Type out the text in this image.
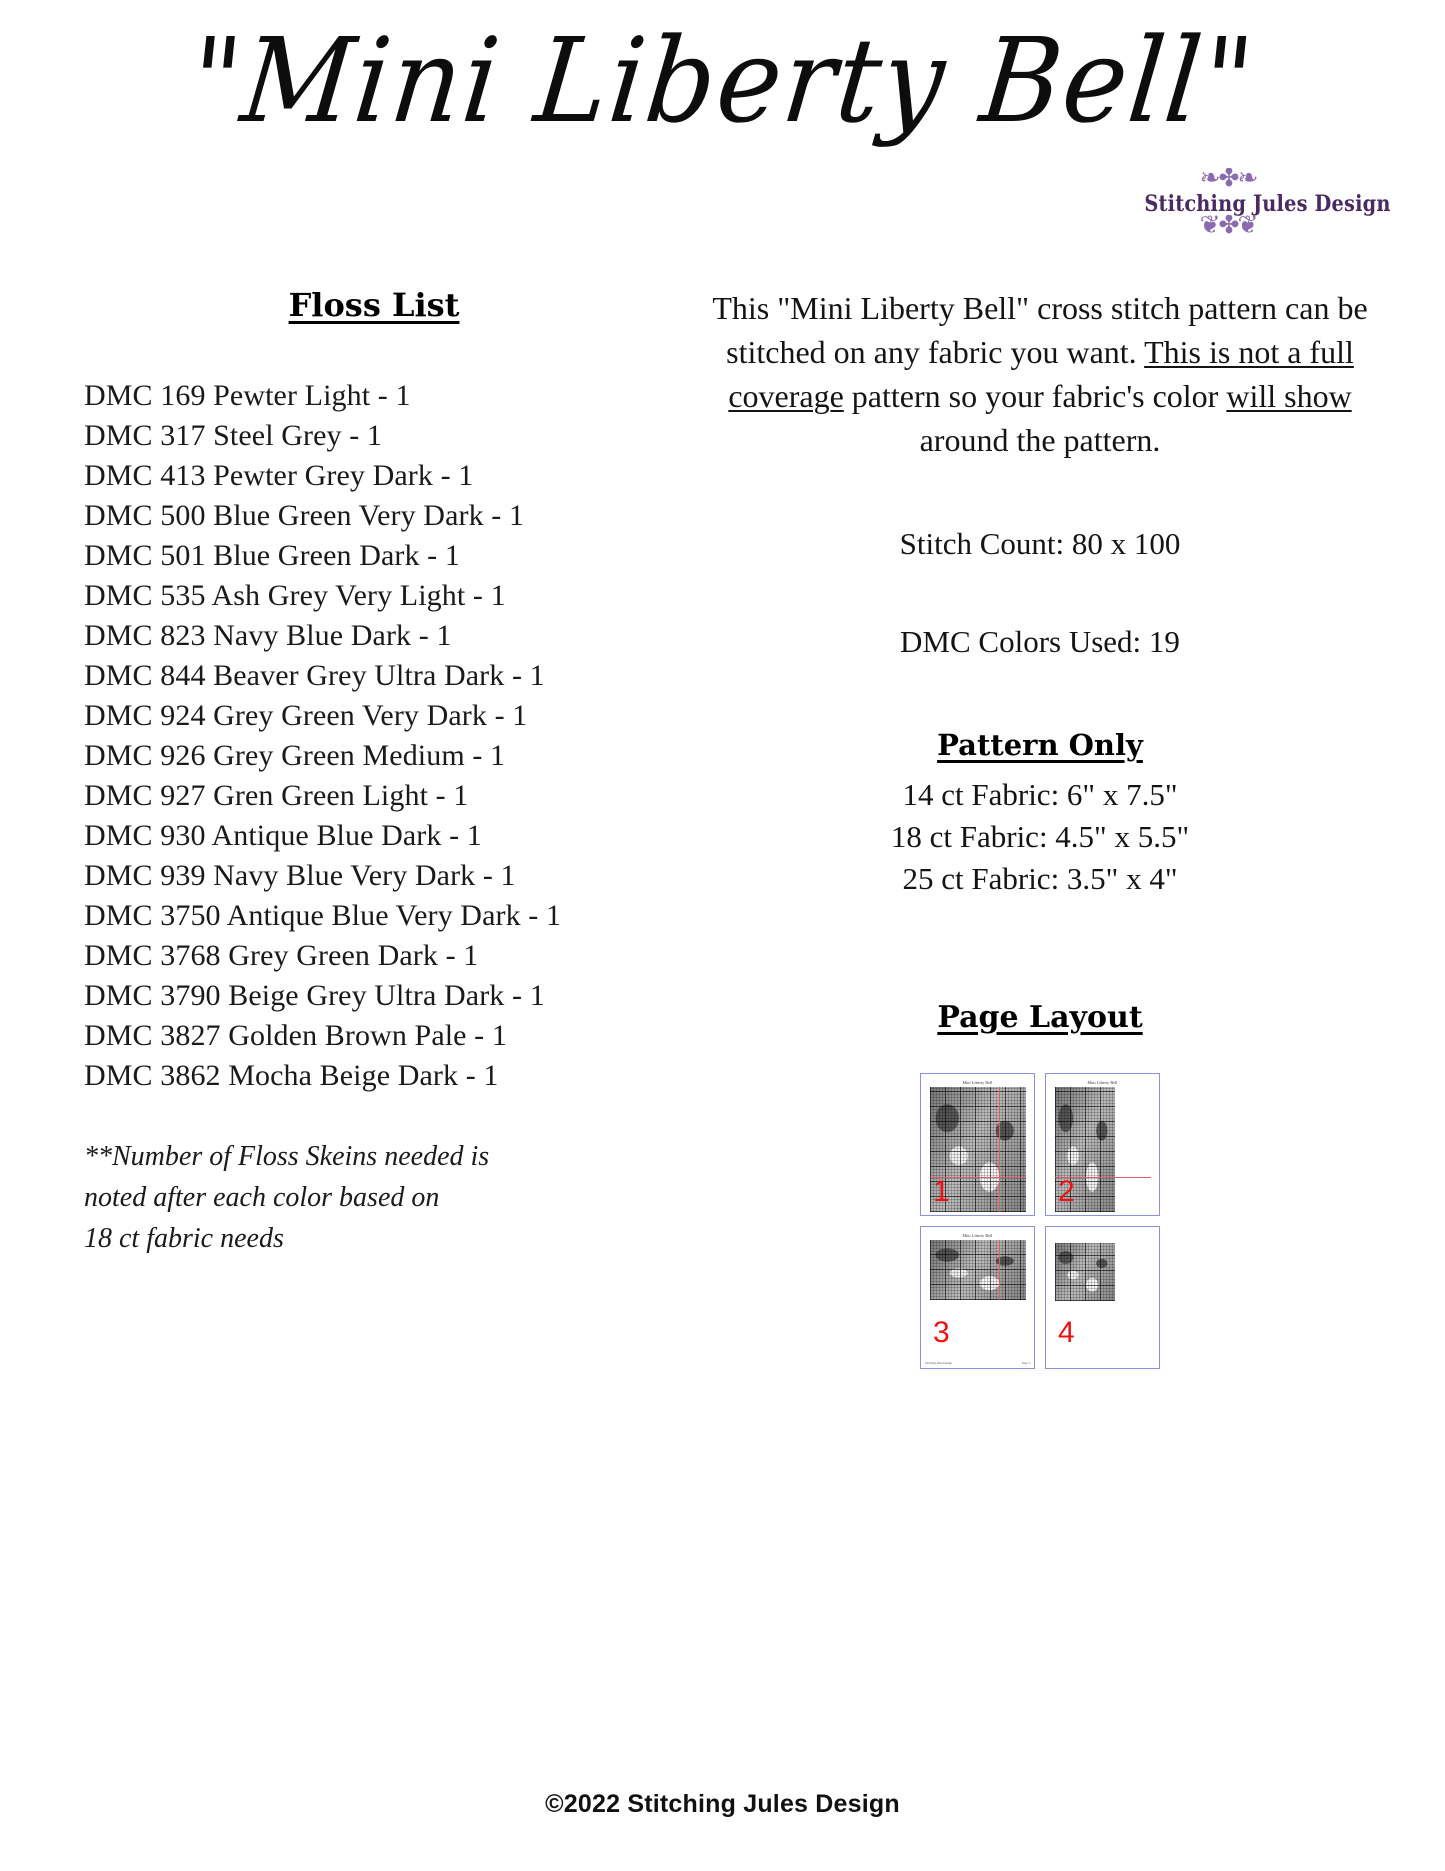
"Mini Liberty Bell"
❧✤❧
Stitching Jules Design
❦✤❦
Floss List
DMC 169 Pewter Light - 1
DMC 317 Steel Grey - 1
DMC 413 Pewter Grey Dark - 1
DMC 500 Blue Green Very Dark - 1
DMC 501 Blue Green Dark - 1
DMC 535 Ash Grey Very Light - 1
DMC 823 Navy Blue Dark - 1
DMC 844 Beaver Grey Ultra Dark - 1
DMC 924 Grey Green Very Dark - 1
DMC 926 Grey Green Medium - 1
DMC 927 Gren Green Light - 1
DMC 930 Antique Blue Dark - 1
DMC 939 Navy Blue Very Dark - 1
DMC 3750 Antique Blue Very Dark - 1
DMC 3768 Grey Green Dark - 1
DMC 3790 Beige Grey Ultra Dark - 1
DMC 3827 Golden Brown Pale - 1
DMC 3862 Mocha Beige Dark - 1
**Number of Floss Skeins needed is
noted after each color based on
18 ct fabric needs

This "Mini Liberty Bell" cross stitch pattern can be stitched on any fabric you want. This is not a full coverage pattern so your fabric's color will show around the pattern.

Stitch Count: 80 x 100
DMC Colors Used: 19
Pattern Only
14 ct Fabric: 6" x 7.5"
18 ct Fabric: 4.5" x 5.5"
25 ct Fabric: 3.5" x 4"
Page Layout
Mini Liberty Bell
1
Mini Liberty Bell
2
Mini Liberty Bell
3
Stitching Jules Design	Page 3
4
©2022 Stitching Jules Design
